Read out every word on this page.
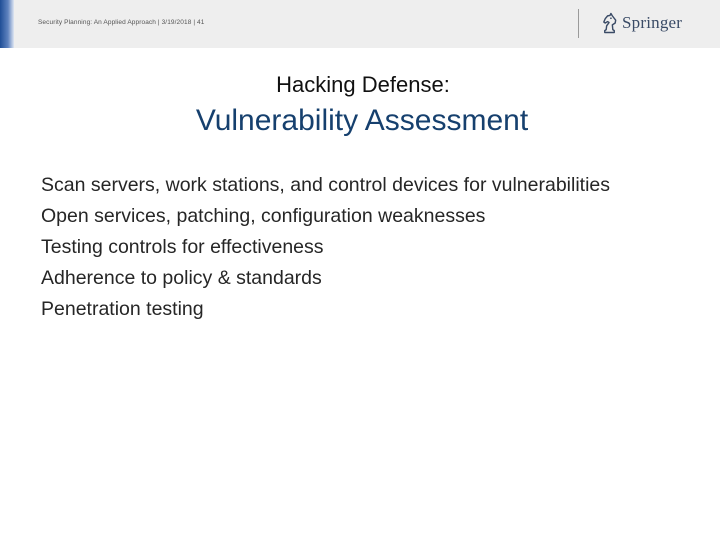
Security Planning: An Applied Approach | 3/19/2018 | 41	Springer
Hacking Defense:
Vulnerability Assessment
Scan servers, work stations, and control devices for vulnerabilities
Open services, patching, configuration weaknesses
Testing controls for effectiveness
Adherence to policy & standards
Penetration testing
